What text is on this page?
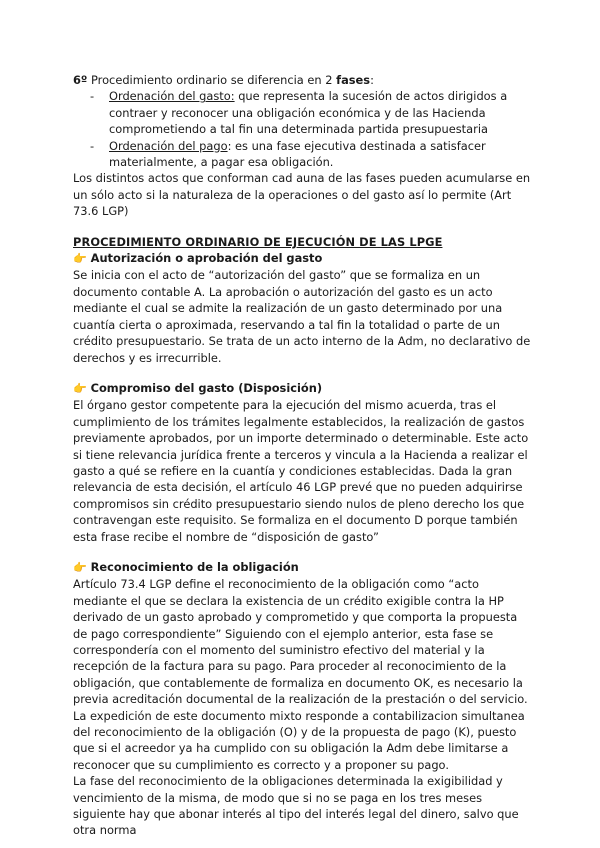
6º Procedimiento ordinario se diferencia en 2 fases:

- Ordenación del gasto: que representa la sucesión de actos dirigidos a contraer y reconocer una obligación económica y de las Hacienda comprometiendo a tal fin una determinada partida presupuestaria
- Ordenación del pago: es una fase ejecutiva destinada a satisfacer materialmente, a pagar esa obligación.

Los distintos actos que conforman cad auna de las fases pueden acumularse en un sólo acto si la naturaleza de la operaciones o del gasto así lo permite (Art 73.6 LGP)

PROCEDIMIENTO ORDINARIO DE EJECUCIÓN DE LAS LPGE

👉 Autorización o aprobación del gasto

Se inicia con el acto de “autorización del gasto” que se formaliza en un documento contable A. La aprobación o autorización del gasto es un acto mediante el cual se admite la realización de un gasto determinado por una cuantía cierta o aproximada, reservando a tal fin la totalidad o parte de un crédito presupuestario. Se trata de un acto interno de la Adm, no declarativo de derechos y es irrecurrible.

👉 Compromiso del gasto (Disposición)

El órgano gestor competente para la ejecución del mismo acuerda, tras el cumplimiento de los trámites legalmente establecidos, la realización de gastos previamente aprobados, por un importe determinado o determinable. Este acto si tiene relevancia jurídica frente a terceros y vincula a la Hacienda a realizar el gasto a qué se refiere en la cuantía y condiciones establecidas. Dada la gran relevancia de esta decisión, el artículo 46 LGP prevé que no pueden adquirirse compromisos sin crédito presupuestario siendo nulos de pleno derecho los que contravengan este requisito. Se formaliza en el documento D porque también esta frase recibe el nombre de “disposición de gasto”

👉 Reconocimiento de la obligación

Artículo 73.4 LGP define el reconocimiento de la obligación como “acto mediante el que se declara la existencia de un crédito exigible contra la HP derivado de un gasto aprobado y comprometido y que comporta la propuesta de pago correspondiente” Siguiendo con el ejemplo anterior, esta fase se correspondería con el momento del suministro efectivo del material y la recepción de la factura para su pago. Para proceder al reconocimiento de la obligación, que contablemente de formaliza en documento OK, es necesario la previa acreditación documental de la realización de la prestación o del servicio. La expedición de este documento mixto responde a contabilizacion simultanea del reconocimiento de la obligación (O) y de la propuesta de pago (K), puesto que si el acreedor ya ha cumplido con su obligación la Adm debe limitarse a reconocer que su cumplimiento es correcto y a proponer su pago.

La fase del reconocimiento de la obligaciones determinada la exigibilidad y vencimiento de la misma, de modo que si no se paga en los tres meses siguiente hay que abonar interés al tipo del interés legal del dinero, salvo que otra norma
